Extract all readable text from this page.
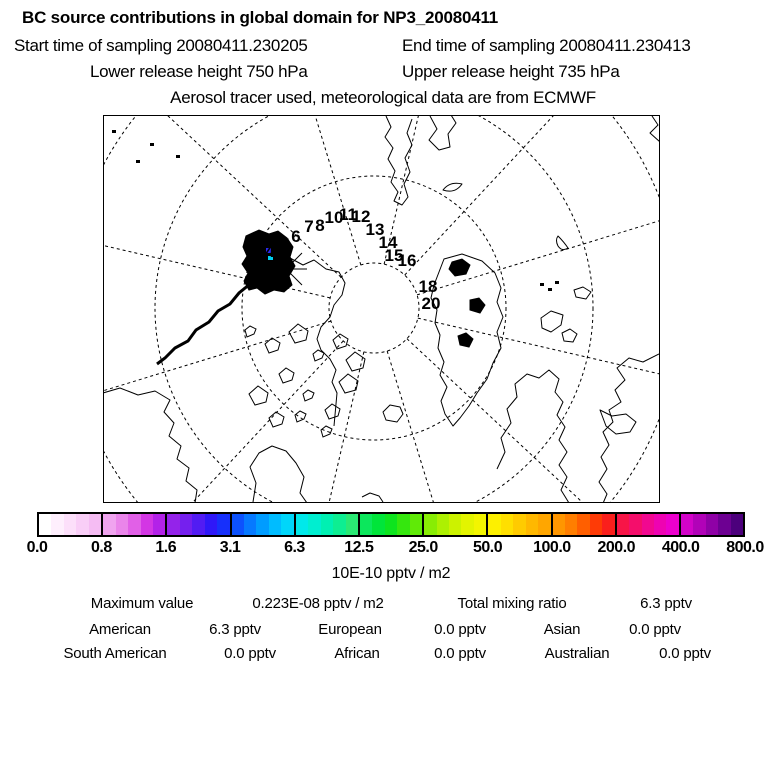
BC source contributions in global domain for NP3_20080411
Start time of sampling 20080411.230205	End time of sampling 20080411.230413
Lower release height 750 hPa	Upper release height 735 hPa
Aerosol tracer used, meteorological data are from ECMWF
4 5 6
7 8 10
11
12
13
14
15
16
18
20
0.0	0.8	1.6	3.1	6.3 12.5 25.0 50.0 100.0 200.0 400.0 800.0
10E-10 pptv / m2
Maximum value	0.223E-08 pptv / m2	Total mixing ratio	6.3 pptv
American	6.3 pptv	European	0.0 pptv	Asian	0.0 pptv
South American	0.0 pptv	African	0.0 pptv	Australian	0.0 pptv
